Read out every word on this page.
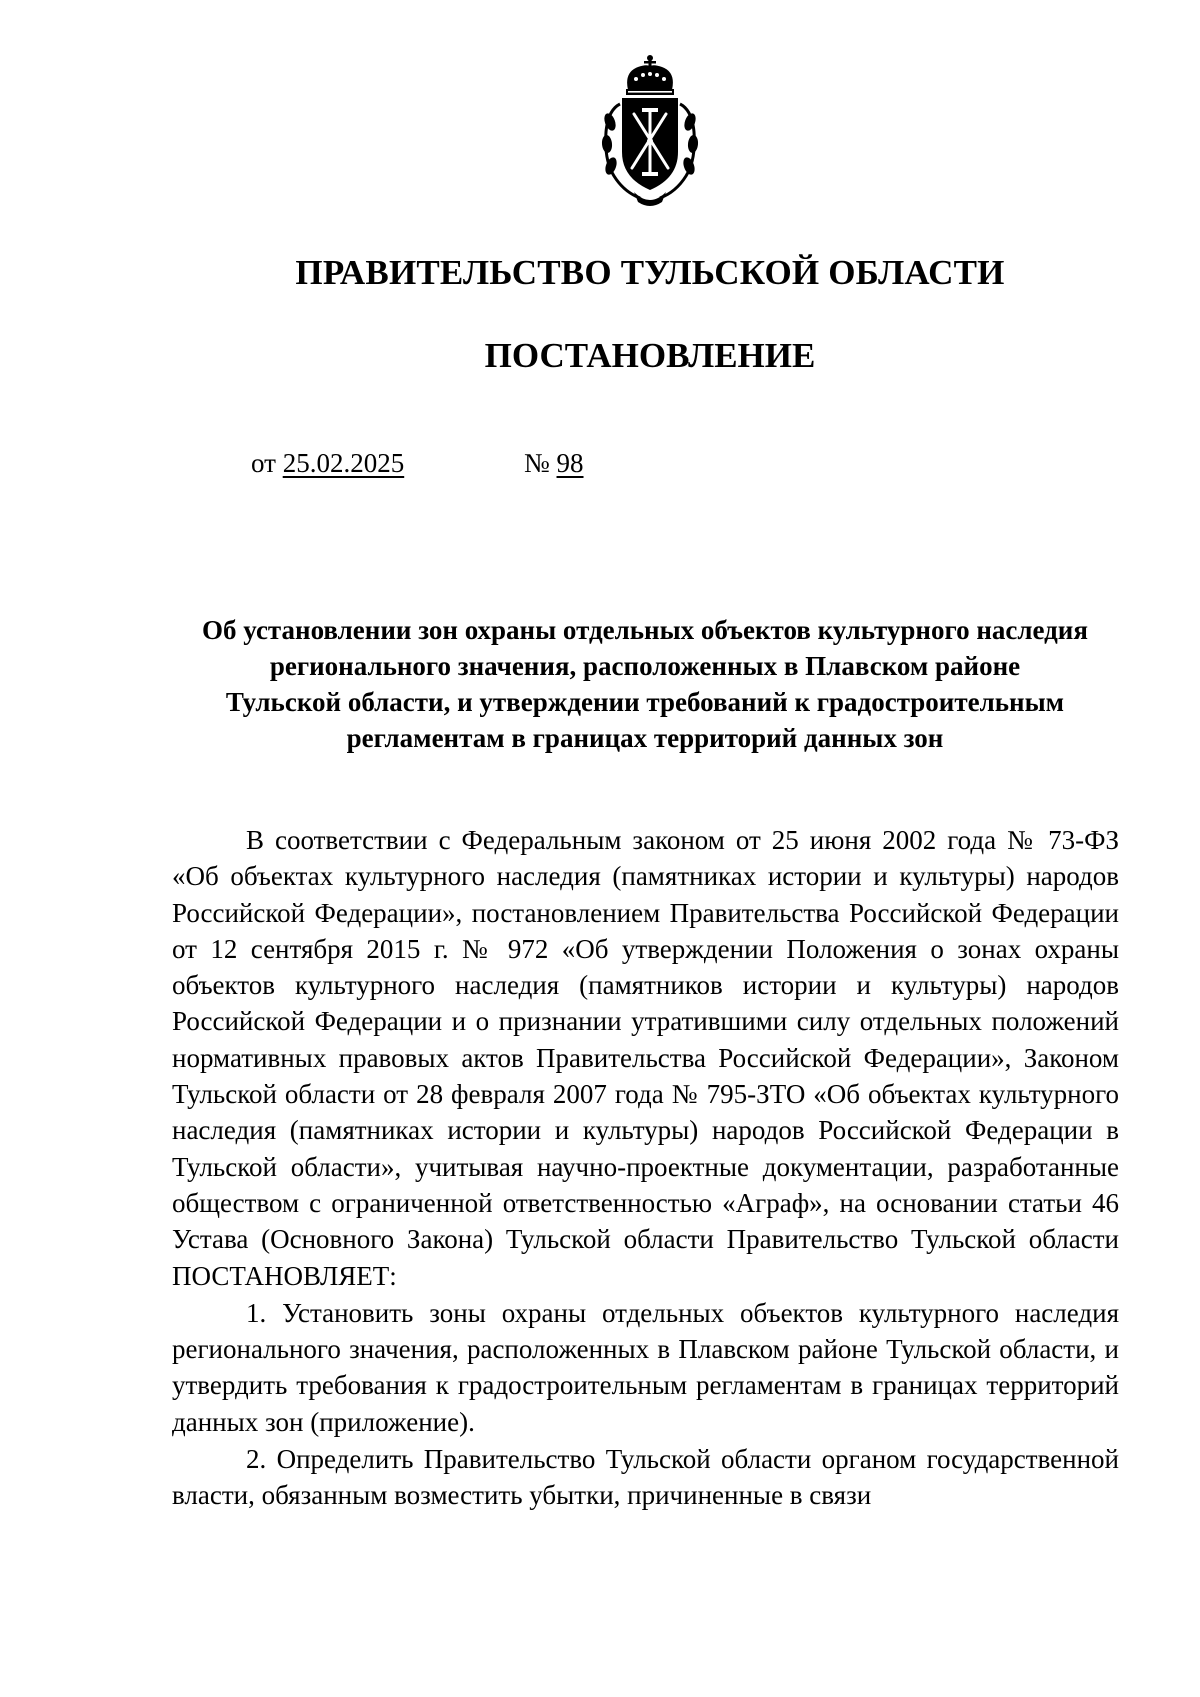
ПРАВИТЕЛЬСТВО ТУЛЬСКОЙ ОБЛАСТИ
ПОСТАНОВЛЕНИЕ
от 25.02.2025	№ 98
Об установлении зон охраны отдельных объектов культурного наследия
регионального значения, расположенных в Плавском районе
Тульской области, и утверждении требований к градостроительным
регламентам в границах территорий данных зон

В соответствии с Федеральным законом от 25 июня 2002 года № 73-ФЗ «Об объектах культурного наследия (памятниках истории и культуры) народов Российской Федерации», постановлением Правительства Российской Федерации от 12 сентября 2015 г. № 972 «Об утверждении Положения о зонах охраны объектов культурного наследия (памятников истории и культуры) народов Российской Федерации и о признании утратившими силу отдельных положений нормативных правовых актов Правительства Российской Федерации», Законом Тульской области от 28 февраля 2007 года № 795-ЗТО «Об объектах культурного наследия (памятниках истории и культуры) народов Российской Федерации в Тульской области», учитывая научно-проектные документации, разработанные обществом с ограниченной ответственностью «Аграф», на основании статьи 46 Устава (Основного Закона) Тульской области Правительство Тульской области ПОСТАНОВЛЯЕТ:

1. Установить зоны охраны отдельных объектов культурного наследия регионального значения, расположенных в Плавском районе Тульской области, и утвердить требования к градостроительным регламентам в границах территорий данных зон (приложение).

2. Определить Правительство Тульской области органом государственной власти, обязанным возместить убытки, причиненные в связи
